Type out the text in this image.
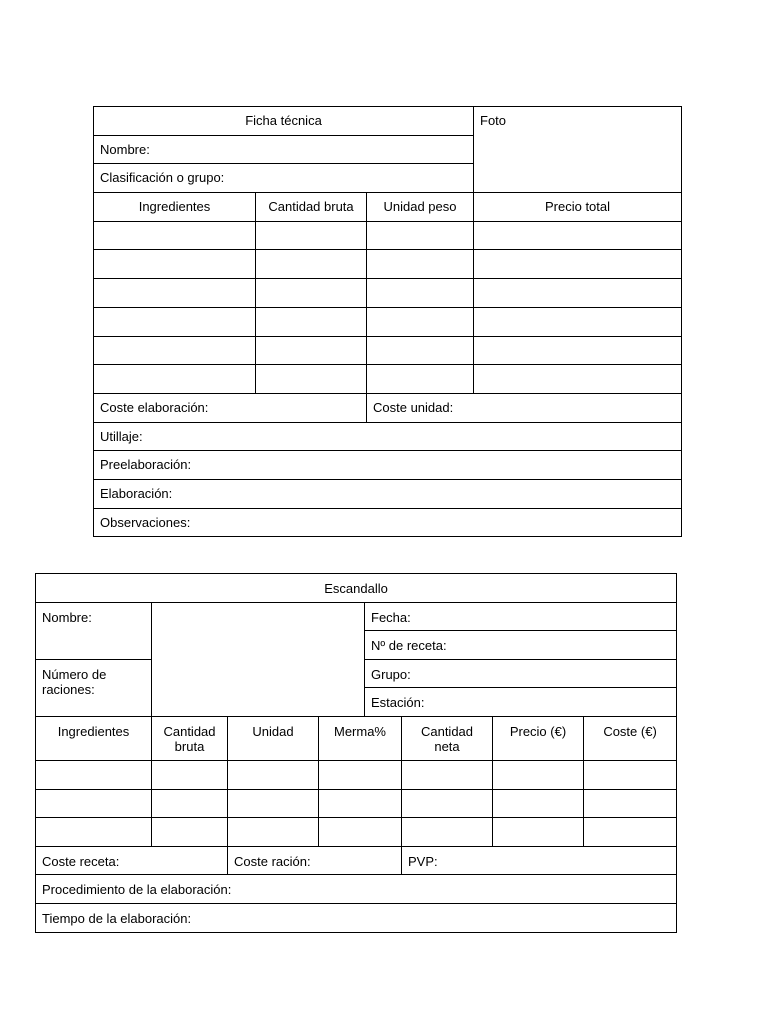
Ficha técnica			Foto
Nombre:			
Clasificación o grupo:			
Ingredientes	Cantidad bruta	Unidad peso	Precio total

Coste elaboración:		Coste unidad:	
Utillaje:			
Preelaboración:			
Elaboración:			
Observaciones:			
Escandallo							
Nombre:				Fecha:			
				Nº de receta:			
Número de raciones:				Grupo:			
				Estación:			
Ingredientes	Cantidad bruta	Unidad	Merma%		Cantidad neta	Precio (€)	Coste (€)

Coste receta:		Coste ración:			PVP:		
Procedimiento de la elaboración:							
Tiempo de la elaboración:							
